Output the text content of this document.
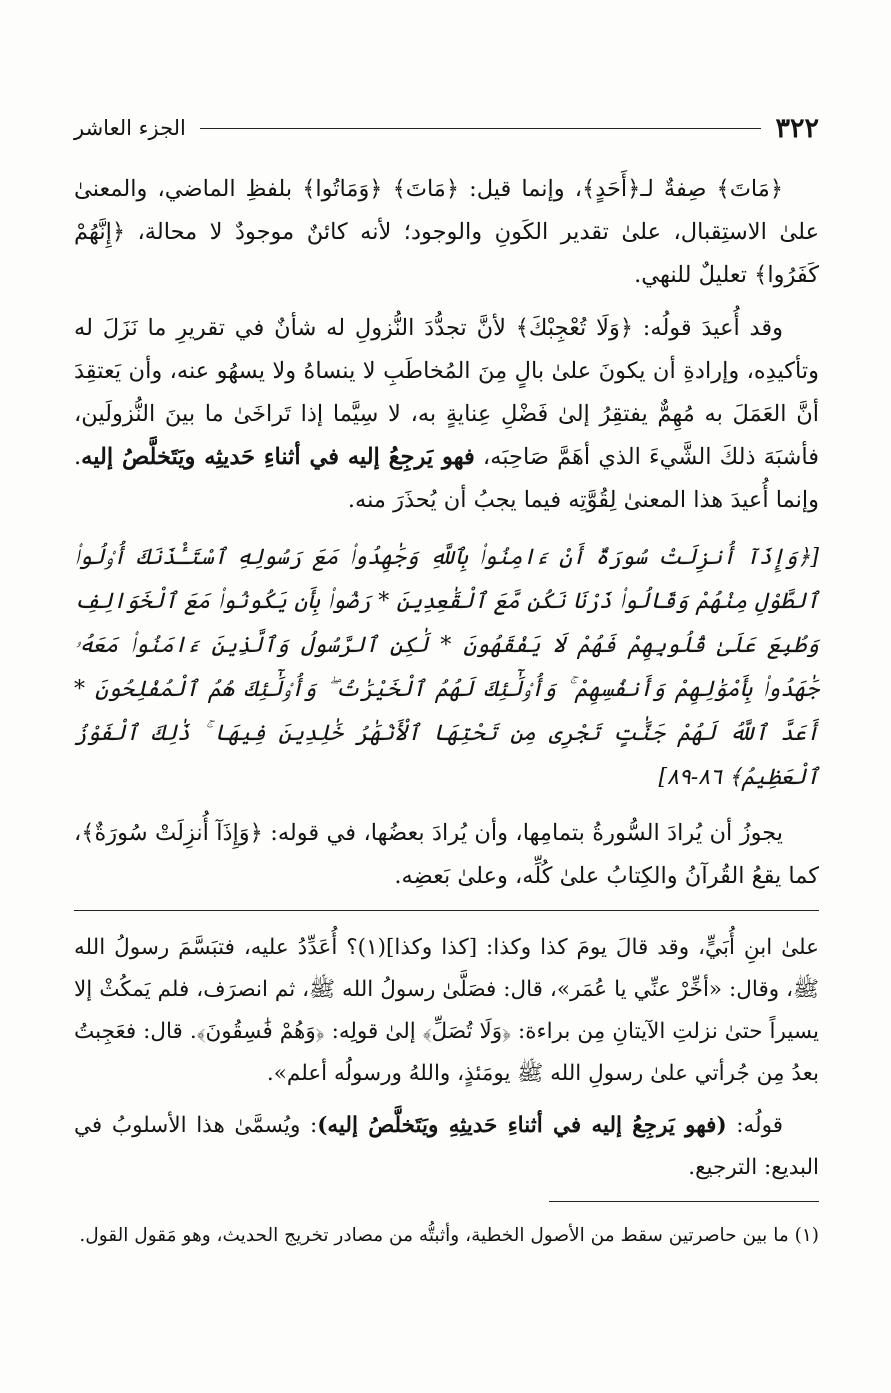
٣٢٢
الجزء العاشر

﴿مَاتَ﴾ صِفةٌ لـ﴿أَحَدٍ﴾، وإنما قيل: ﴿مَاتَ﴾ ﴿وَمَاتُوا﴾ بلفظِ الماضي، والمعنىٰ علىٰ الاستِقبال، علىٰ تقدير الكَونِ والوجود؛ لأنه كائنٌ موجودٌ لا محالة، ﴿إِنَّهُمْ كَفَرُوا﴾ تعليلٌ للنهي.

وقد أُعيدَ قولُه: ﴿وَلَا تُعْجِبْكَ﴾ لأنَّ تجدُّدَ النُّزولِ له شأنٌ في تقريرِ ما نَزَلَ له وتأكيدِه، وإرادةِ أن يكونَ علىٰ بالٍ مِنَ المُخاطَبِ لا ينساهُ ولا يسهُو عنه، وأن يَعتقِدَ أنَّ العَمَلَ به مُهِمٌّ يفتقِرُ إلىٰ فَضْلِ عِنايةٍ به، لا سِيَّما إذا تَراخَىٰ ما بينَ النُّزولَين، فأشبَهَ ذلكَ الشَّيءَ الذي أهَمَّ صَاحِبَه، فهو يَرجِعُ إليه في أثناءِ حَديثِه ويَتَخلَّصُ إليه. وإنما أُعيدَ هذا المعنىٰ لِقُوَّتِه فيما يجبُ أن يُحذَرَ منه.

[﴿وَإِذَآ أُنزِلَتْ سُورَةٌ أَنْ ءَامِنُوا۟ بِٱللَّهِ وَجَٰهِدُوا۟ مَعَ رَسُولِهِ ٱسْتَـْٔذَنَكَ أُو۟لُوا۟ ٱلطَّوْلِ مِنْهُمْ وَقَالُوا۟ ذَرْنَا نَكُن مَّعَ ٱلْقَٰعِدِينَ * رَضُوا۟ بِأَن يَكُونُوا۟ مَعَ ٱلْخَوَالِفِ وَطُبِعَ عَلَىٰ قُلُوبِهِمْ فَهُمْ لَا يَفْقَهُونَ * لَٰكِنِ ٱلرَّسُولُ وَٱلَّذِينَ ءَامَنُوا۟ مَعَهُۥ جَٰهَدُوا۟ بِأَمْوَٰلِهِمْ وَأَنفُسِهِمْ ۚ وَأُو۟لَٰٓئِكَ لَهُمُ ٱلْخَيْرَٰتُ ۖ وَأُو۟لَٰٓئِكَ هُمُ ٱلْمُفْلِحُونَ * أَعَدَّ ٱللَّهُ لَهُمْ جَنَّٰتٍ تَجْرِى مِن تَحْتِهَا ٱلْأَنْهَٰرُ خَٰلِدِينَ فِيهَا ۚ ذَٰلِكَ ٱلْفَوْزُ ٱلْعَظِيمُ﴾ ٨٦-٨٩]

يجوزُ أن يُرادَ السُّورةُ بتمامِها، وأن يُرادَ بعضُها، في قوله: ﴿وَإِذَآ أُنزِلَتْ سُورَةٌ﴾، كما يقعُ القُرآنُ والكِتابُ علىٰ كُلِّه، وعلىٰ بَعضِه.

علىٰ ابنِ أُبَيٍّ، وقد قالَ يومَ كذا وكذا: [كذا وكذا](١)؟ أُعَدِّدُ عليه، فتبَسَّمَ رسولُ الله ﷺ، وقال: «أخِّرْ عنِّي يا عُمَر»، قال: فصَلَّىٰ رسولُ الله ﷺ، ثم انصرَف، فلم يَمكُثْ إلا يسيراً حتىٰ نزلتِ الآيتانِ مِن براءة: ﴿وَلَا تُصَلِّ﴾ إلىٰ قولِه: ﴿وَهُمْ فَٰسِقُونَ﴾. قال: فعَجِبتُ بعدُ مِن جُرأتي علىٰ رسولِ الله ﷺ يومَئذٍ، واللهُ ورسولُه أعلم».

قولُه: (فهو يَرجِعُ إليه في أثناءِ حَديثِهِ ويَتَخلَّصُ إليه): ويُسمَّىٰ هذا الأسلوبُ في البديع: الترجيع.

(١) ما بين حاصرتين سقط من الأصول الخطية، وأثبتُّه من مصادر تخريج الحديث، وهو مَقول القول.
